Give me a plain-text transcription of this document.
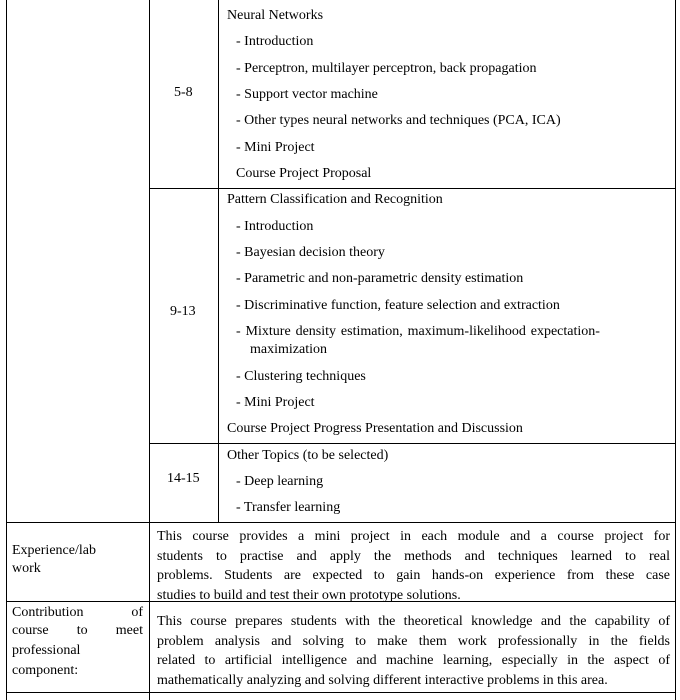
5-8
Neural Networks
- Introduction
- Perceptron, multilayer perceptron, back propagation
- Support vector machine
- Other types neural networks and techniques (PCA, ICA)
- Mini Project
Course Project Proposal
9-13
Pattern Classification and Recognition
- Introduction
- Bayesian decision theory
- Parametric and non-parametric density estimation
- Discriminative function, feature selection and extraction
- Mixture density estimation, maximum-likelihood expectation-
maximization
- Clustering techniques
- Mini Project
Course Project Progress Presentation and Discussion
14-15
Other Topics (to be selected)
- Deep learning
- Transfer learning
Experience/lab
work

This course provides a mini project in each module and a course project for

students to practise and apply the methods and techniques learned to real

problems. Students are expected to gain hands-on experience from these case

studies to build and test their own prototype solutions.

Contribution	of
course to meet
professional
component:

This course prepares students with the theoretical knowledge and the capability of

problem analysis and solving to make them work professionally in the fields

related to artificial intelligence and machine learning, especially in the aspect of

mathematically analyzing and solving different interactive problems in this area.
